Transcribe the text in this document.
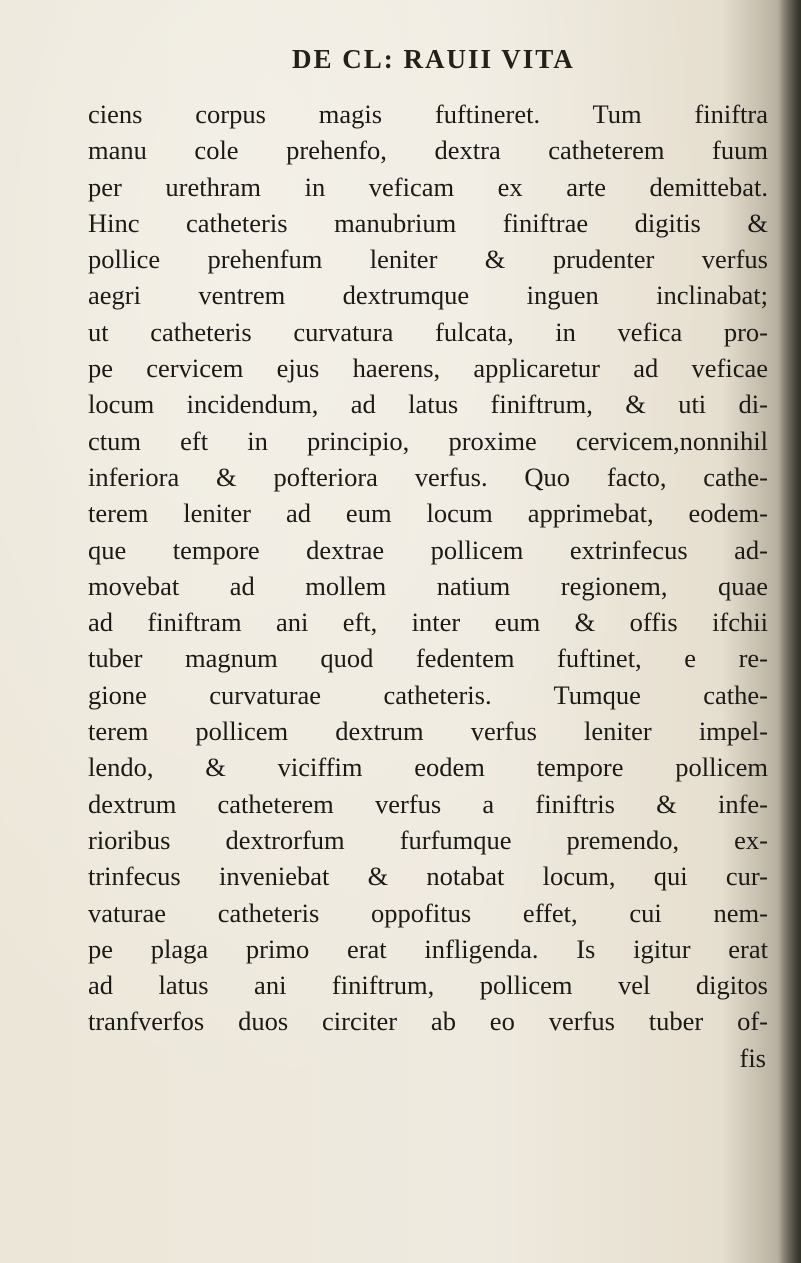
DE CL: RAUII VITA
ciens corpus magis fuftineret. Tum finiftra
manu cole prehenfo, dextra catheterem fuum
per urethram in veficam ex arte demittebat.
Hinc catheteris manubrium finiftrae digitis &
pollice prehenfum leniter & prudenter verfus
aegri ventrem dextrumque inguen inclinabat;
ut catheteris curvatura fulcata, in vefica pro-
pe cervicem ejus haerens, applicaretur ad veficae
locum incidendum, ad latus finiftrum, & uti di-
ctum eft in principio, proxime cervicem,nonnihil
inferiora & pofteriora verfus. Quo facto, cathe-
terem leniter ad eum locum apprimebat, eodem-
que tempore dextrae pollicem extrinfecus ad-
movebat ad mollem natium regionem, quae
ad finiftram ani eft, inter eum & offis ifchii
tuber magnum quod fedentem fuftinet, e re-
gione curvaturae catheteris. Tumque cathe-
terem pollicem dextrum verfus leniter impel-
lendo, & viciffim eodem tempore pollicem
dextrum catheterem verfus a finiftris & infe-
rioribus dextrorfum furfumque premendo, ex-
trinfecus inveniebat & notabat locum, qui cur-
vaturae catheteris oppofitus effet, cui nem-
pe plaga primo erat infligenda. Is igitur erat
ad latus ani finiftrum, pollicem vel digitos
tranfverfos duos circiter ab eo verfus tuber of-
fis
